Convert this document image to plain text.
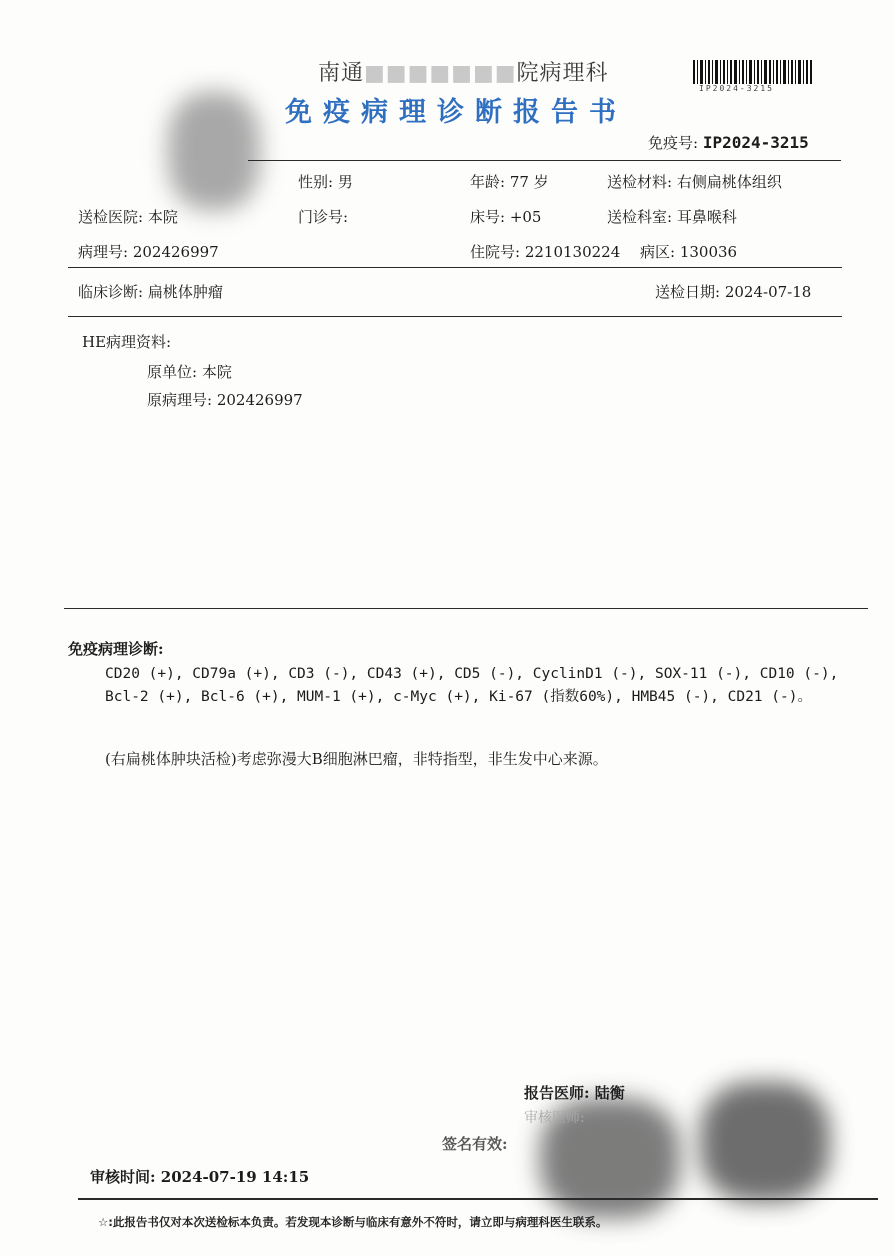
南通■■■■■■■院病理科
免疫病理诊断报告书
IP2024-3215
免疫号: IP2024-3215
性别: 男	年龄: 77 岁	送检材料: 右侧扁桃体组织
送检医院: 本院	门诊号:	床号: +05	送检科室: 耳鼻喉科
病理号: 202426997	住院号: 2210130224 病区: 130036
临床诊断: 扁桃体肿瘤	送检日期: 2024-07-18
HE病理资料:
原单位: 本院
原病理号: 202426997
免疫病理诊断:
CD20 (+), CD79a (+), CD3 (-), CD43 (+), CD5 (-), CyclinD1 (-), SOX-11 (-), CD10 (-), Bcl-2 (+), Bcl-6 (+), MUM-1 (+), c-Myc (+), Ki-67 (指数60%), HMB45 (-), CD21 (-)。
(右扁桃体肿块活检)考虑弥漫大B细胞淋巴瘤，非特指型，非生发中心来源。
报告医师: 陆衡
审核医师:
签名有效:
审核时间: 2024-07-19 14:15
☆:此报告书仅对本次送检标本负责。若发现本诊断与临床有意外不符时，请立即与病理科医生联系。
